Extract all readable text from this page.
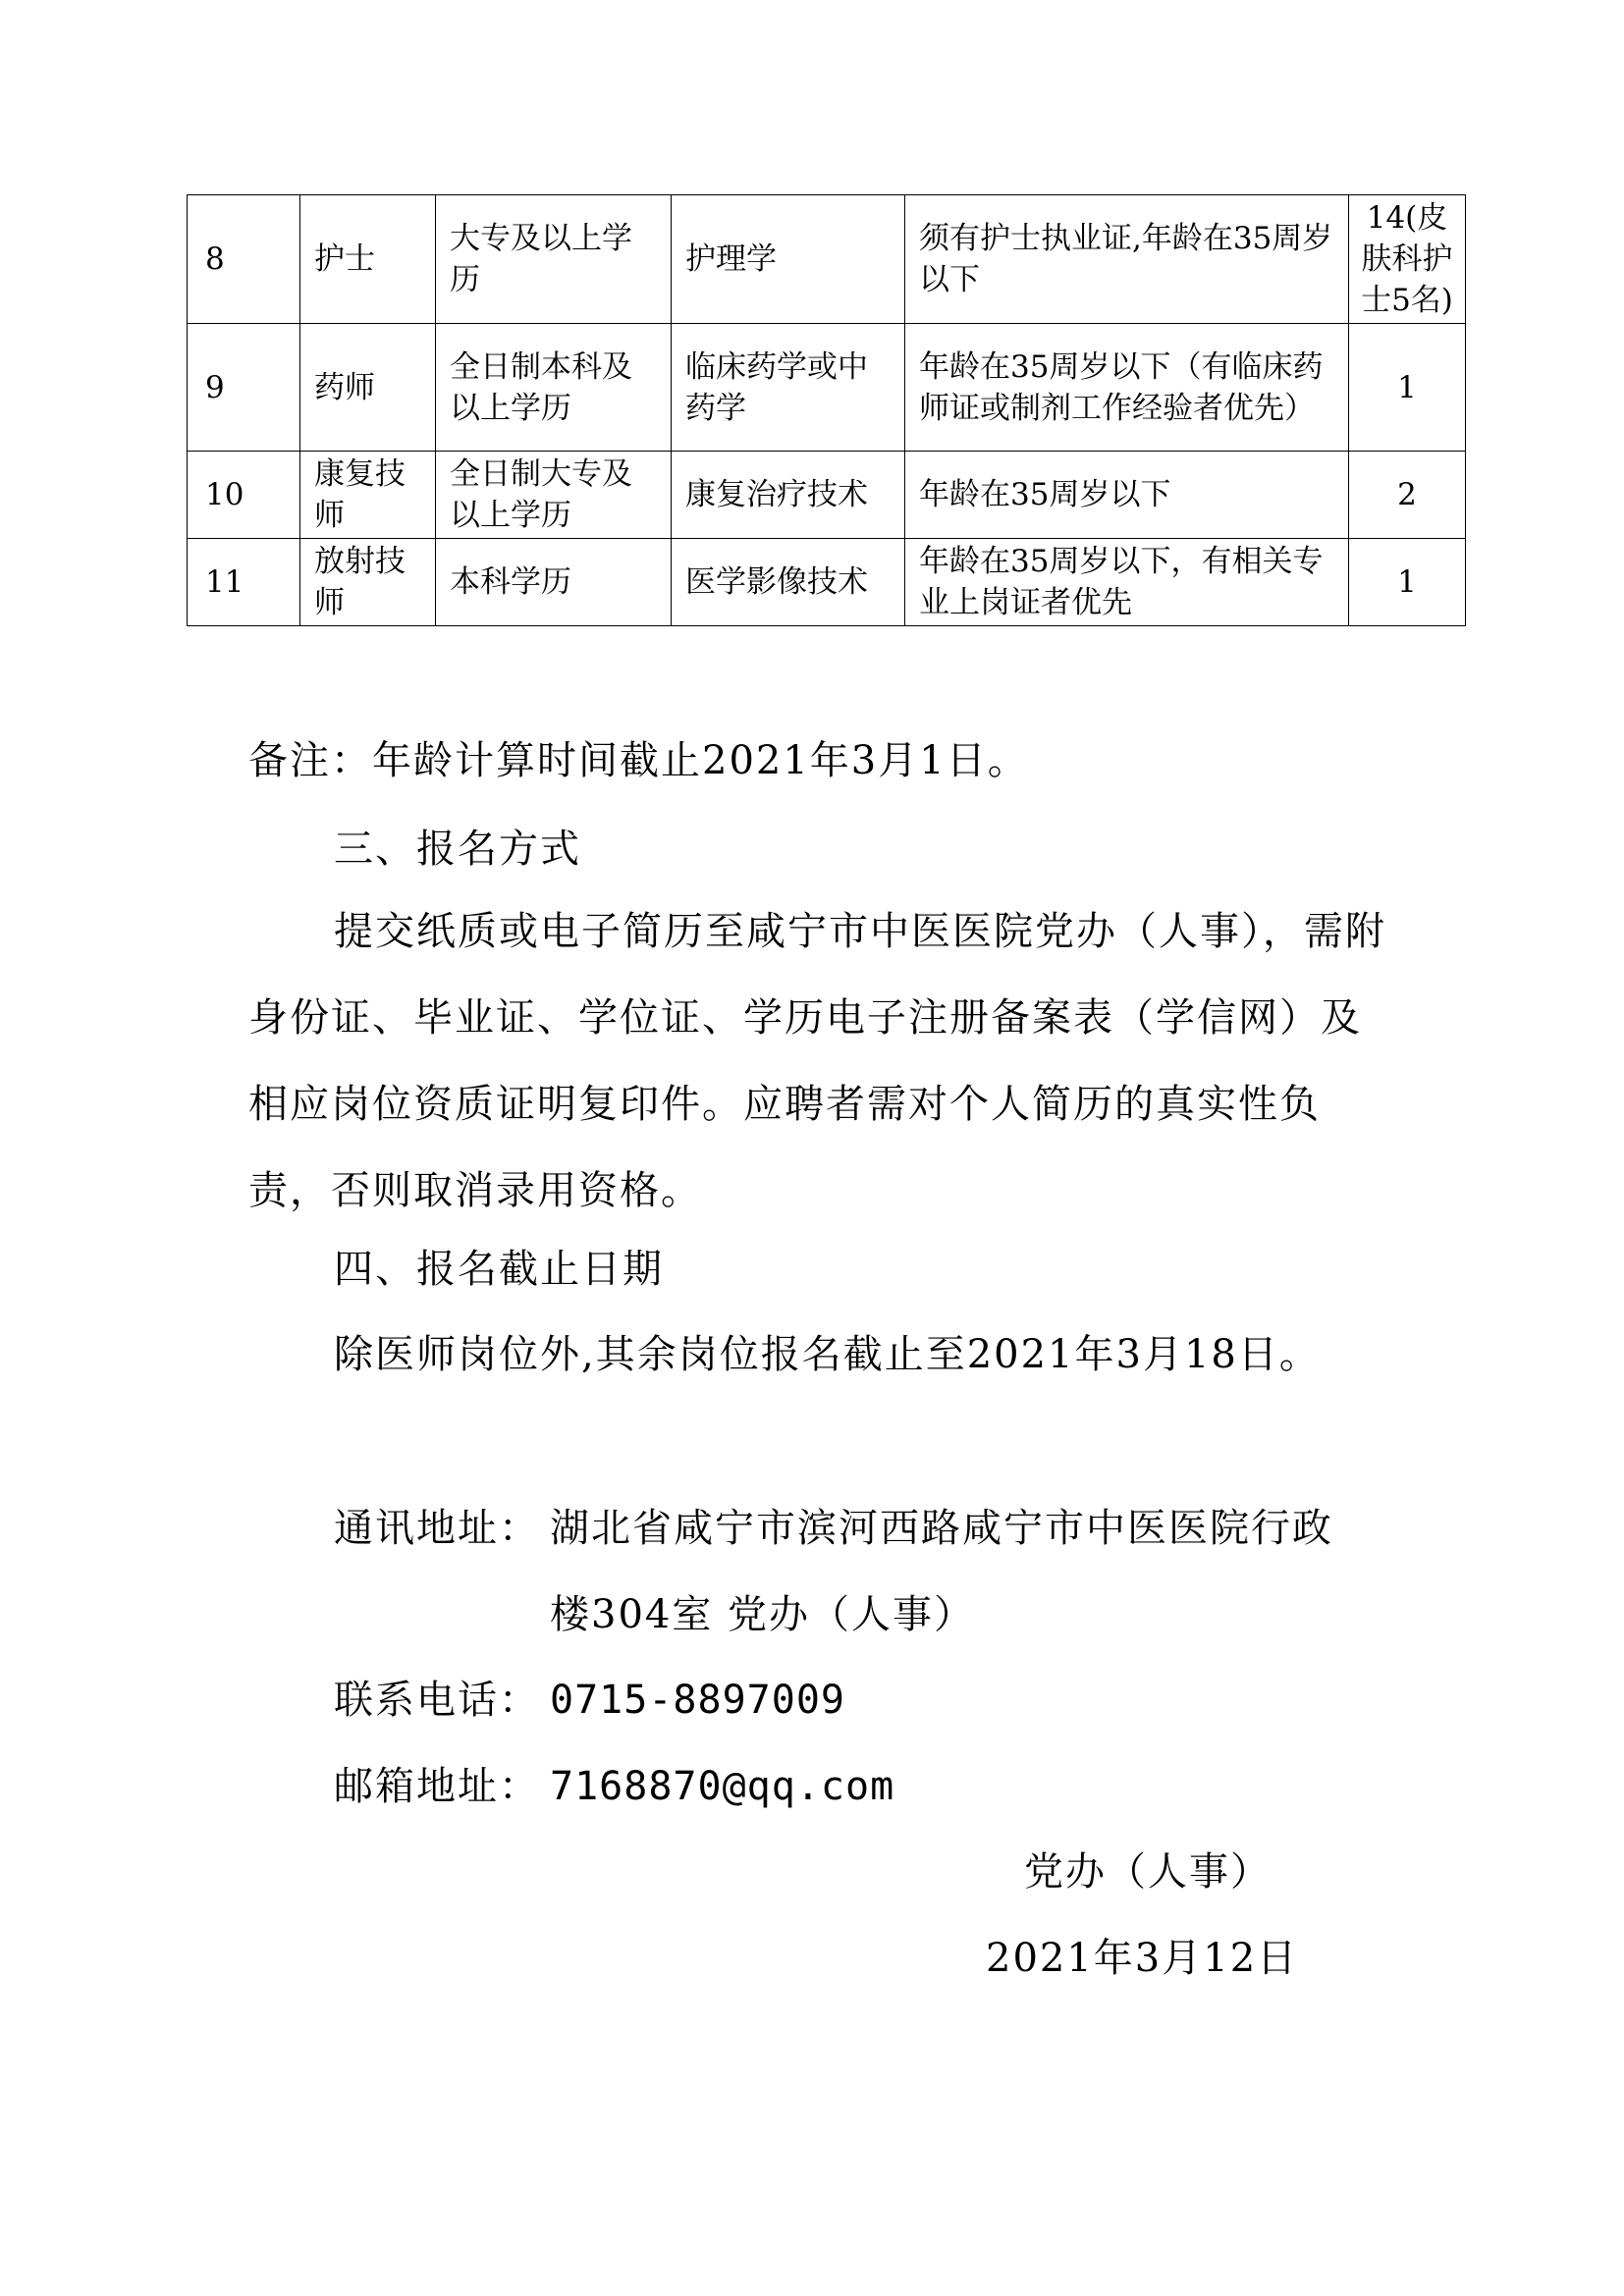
8	护士	大专及以上学历	护理学	须有护士执业证,年龄在35周岁以下	14(皮肤科护士5名)
9	药师	全日制本科及以上学历	临床药学或中药学	年龄在35周岁以下（有临床药师证或制剂工作经验者优先）	1
10	康复技师	全日制大专及以上学历	康复治疗技术	年龄在35周岁以下	2
11	放射技师	本科学历	医学影像技术	年龄在35周岁以下，有相关专业上岗证者优先	1
备注：年龄计算时间截止2021年3月1日。
三、报名方式
提交纸质或电子简历至咸宁市中医医院党办（人事），需附身份证、毕业证、学位证、学历电子注册备案表（学信网）及相应岗位资质证明复印件。应聘者需对个人简历的真实性负责，否则取消录用资格。
四、报名截止日期
除医师岗位外,其余岗位报名截止至2021年3月18日。
通讯地址： 湖北省咸宁市滨河西路咸宁市中医医院行政
楼304室 党办（人事）
联系电话： 0715-8897009
邮箱地址： 7168870@qq.com
党办（人事）
2021年3月12日
